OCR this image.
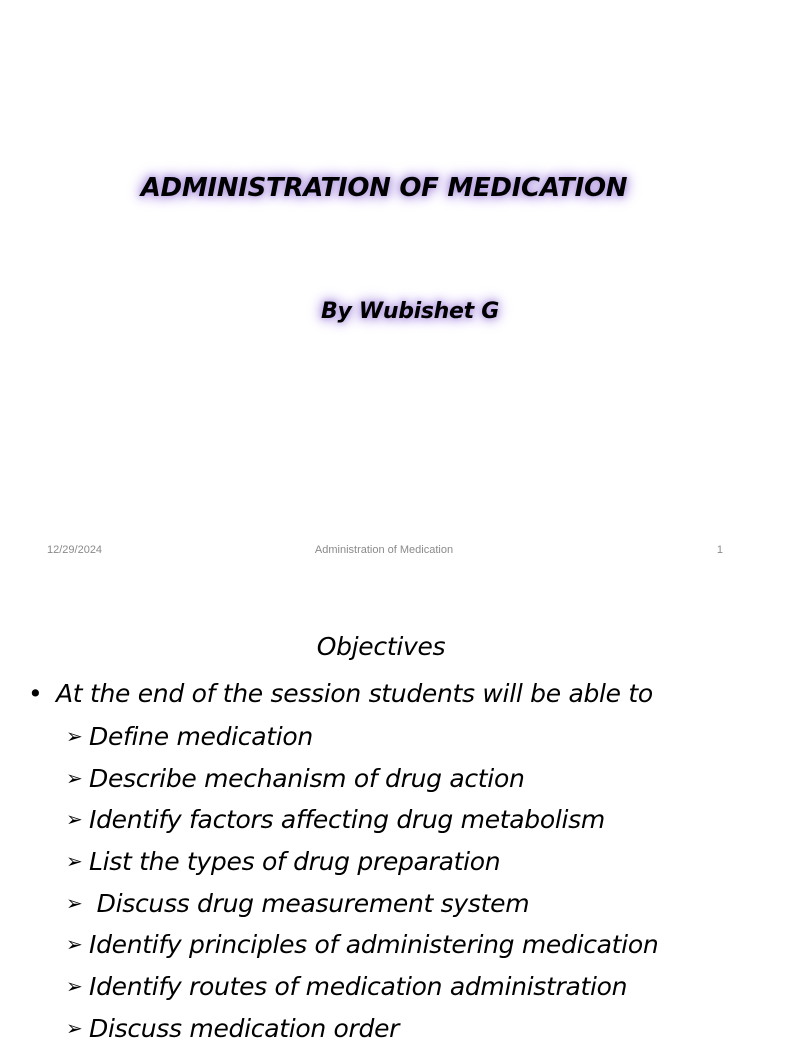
ADMINISTRATION OF MEDICATION
By Wubishet G
12/29/2024	Administration of Medication	1
Objectives
• At the end of the session students will be able to
➢ Define medication
➢ Describe mechanism of drug action
➢ Identify factors affecting drug metabolism
➢ List the types of drug preparation
➢ Discuss drug measurement system
➢ Identify principles of administering medication
➢ Identify routes of medication administration
➢ Discuss medication order
